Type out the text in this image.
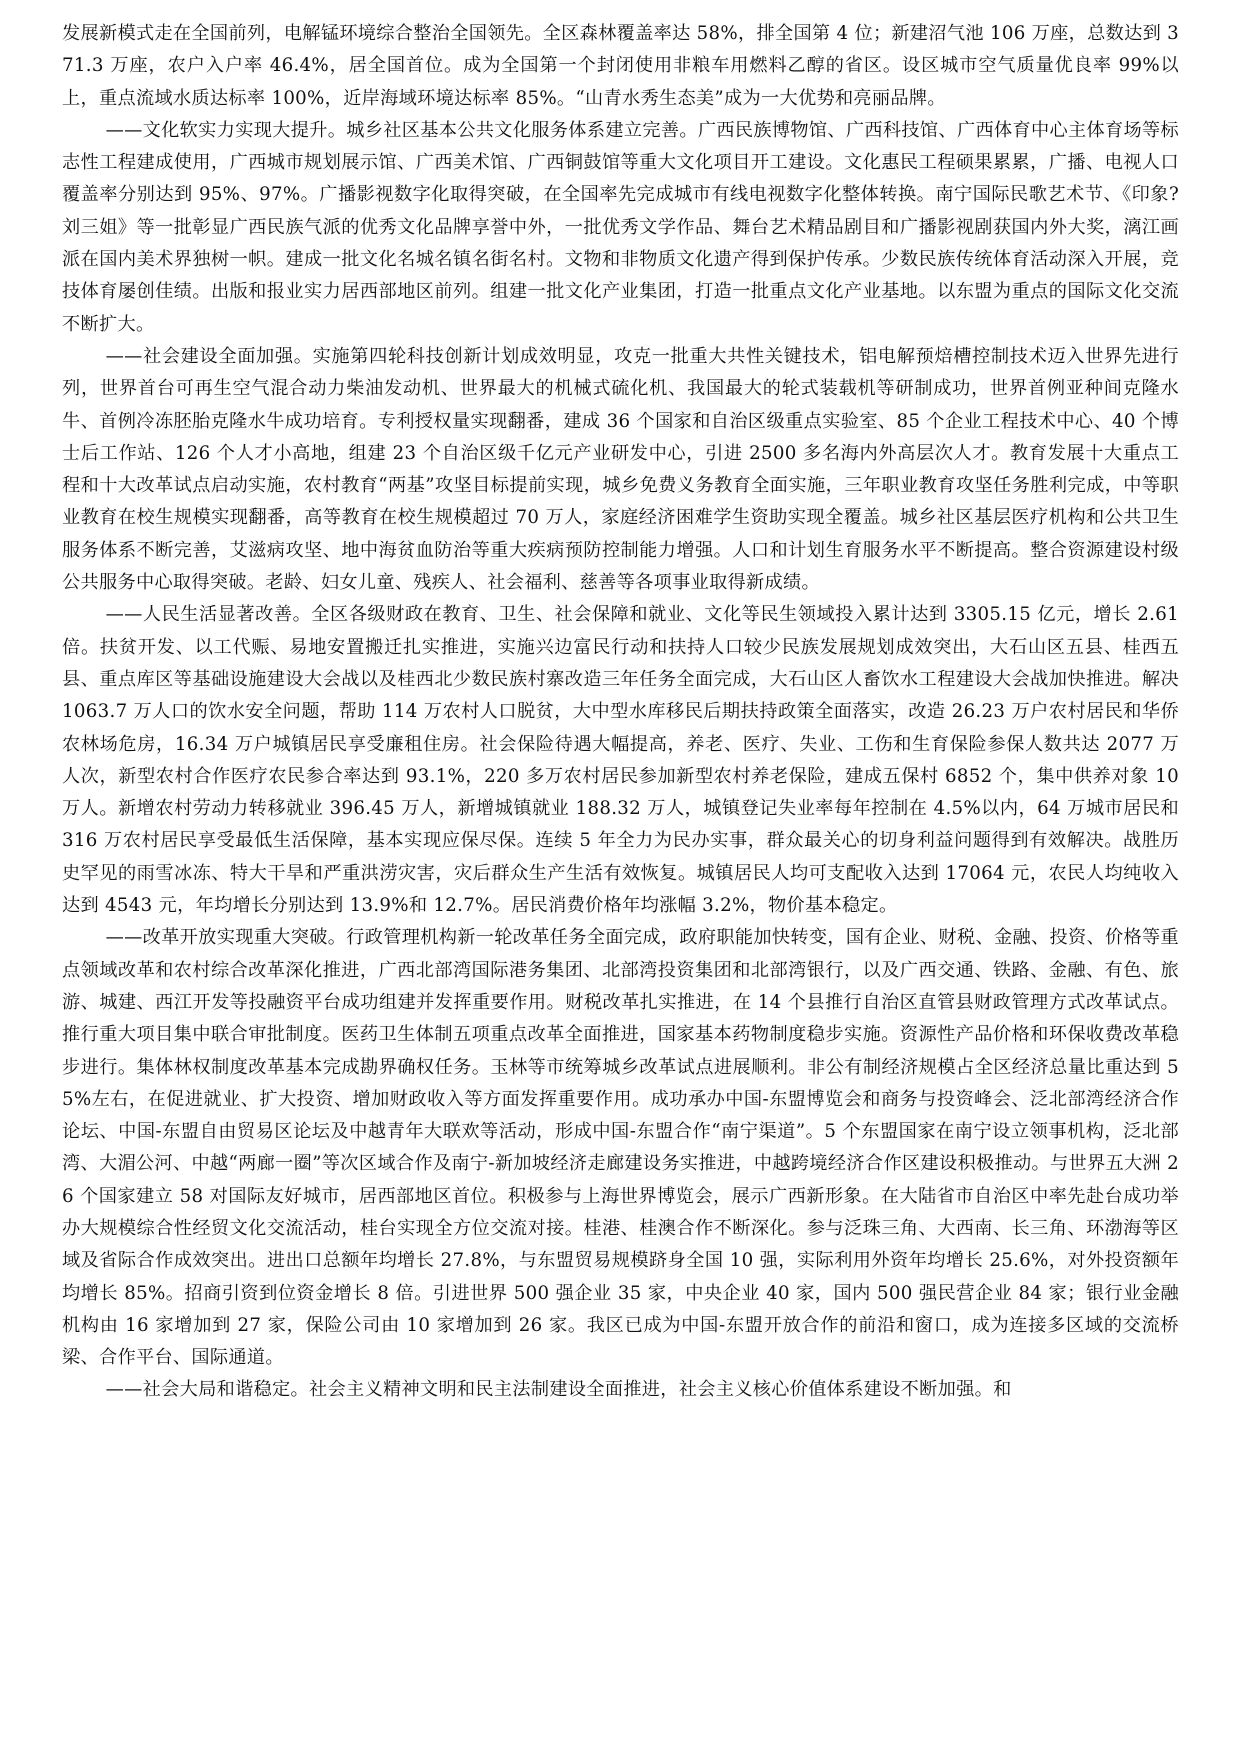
发展新模式走在全国前列，电解锰环境综合整治全国领先。全区森林覆盖率达 58%，排全国第 4 位；新建沼气池 106 万座，总数达到 371.3 万座，农户入户率 46.4%，居全国首位。成为全国第一个封闭使用非粮车用燃料乙醇的省区。设区城市空气质量优良率 99%以上，重点流域水质达标率 100%，近岸海域环境达标率 85%。“山青水秀生态美”成为一大优势和亮丽品牌。

——文化软实力实现大提升。城乡社区基本公共文化服务体系建立完善。广西民族博物馆、广西科技馆、广西体育中心主体育场等标志性工程建成使用，广西城市规划展示馆、广西美术馆、广西铜鼓馆等重大文化项目开工建设。文化惠民工程硕果累累，广播、电视人口覆盖率分别达到 95%、97%。广播影视数字化取得突破，在全国率先完成城市有线电视数字化整体转换。南宁国际民歌艺术节、《印象?刘三姐》等一批彰显广西民族气派的优秀文化品牌享誉中外，一批优秀文学作品、舞台艺术精品剧目和广播影视剧获国内外大奖，漓江画派在国内美术界独树一帜。建成一批文化名城名镇名街名村。文物和非物质文化遗产得到保护传承。少数民族传统体育活动深入开展，竞技体育屡创佳绩。出版和报业实力居西部地区前列。组建一批文化产业集团，打造一批重点文化产业基地。以东盟为重点的国际文化交流不断扩大。

——社会建设全面加强。实施第四轮科技创新计划成效明显，攻克一批重大共性关键技术，铝电解预焙槽控制技术迈入世界先进行列，世界首台可再生空气混合动力柴油发动机、世界最大的机械式硫化机、我国最大的轮式装载机等研制成功，世界首例亚种间克隆水牛、首例冷冻胚胎克隆水牛成功培育。专利授权量实现翻番，建成 36 个国家和自治区级重点实验室、85 个企业工程技术中心、40 个博士后工作站、126 个人才小高地，组建 23 个自治区级千亿元产业研发中心，引进 2500 多名海内外高层次人才。教育发展十大重点工程和十大改革试点启动实施，农村教育“两基”攻坚目标提前实现，城乡免费义务教育全面实施，三年职业教育攻坚任务胜利完成，中等职业教育在校生规模实现翻番，高等教育在校生规模超过 70 万人，家庭经济困难学生资助实现全覆盖。城乡社区基层医疗机构和公共卫生服务体系不断完善，艾滋病攻坚、地中海贫血防治等重大疾病预防控制能力增强。人口和计划生育服务水平不断提高。整合资源建设村级公共服务中心取得突破。老龄、妇女儿童、残疾人、社会福利、慈善等各项事业取得新成绩。

——人民生活显著改善。全区各级财政在教育、卫生、社会保障和就业、文化等民生领域投入累计达到 3305.15 亿元，增长 2.61 倍。扶贫开发、以工代赈、易地安置搬迁扎实推进，实施兴边富民行动和扶持人口较少民族发展规划成效突出，大石山区五县、桂西五县、重点库区等基础设施建设大会战以及桂西北少数民族村寨改造三年任务全面完成，大石山区人畜饮水工程建设大会战加快推进。解决 1063.7 万人口的饮水安全问题，帮助 114 万农村人口脱贫，大中型水库移民后期扶持政策全面落实，改造 26.23 万户农村居民和华侨农林场危房，16.34 万户城镇居民享受廉租住房。社会保险待遇大幅提高，养老、医疗、失业、工伤和生育保险参保人数共达 2077 万人次，新型农村合作医疗农民参合率达到 93.1%，220 多万农村居民参加新型农村养老保险，建成五保村 6852 个，集中供养对象 10 万人。新增农村劳动力转移就业 396.45 万人，新增城镇就业 188.32 万人，城镇登记失业率每年控制在 4.5%以内，64 万城市居民和 316 万农村居民享受最低生活保障，基本实现应保尽保。连续 5 年全力为民办实事，群众最关心的切身利益问题得到有效解决。战胜历史罕见的雨雪冰冻、特大干旱和严重洪涝灾害，灾后群众生产生活有效恢复。城镇居民人均可支配收入达到 17064 元，农民人均纯收入达到 4543 元，年均增长分别达到 13.9%和 12.7%。居民消费价格年均涨幅 3.2%，物价基本稳定。

——改革开放实现重大突破。行政管理机构新一轮改革任务全面完成，政府职能加快转变，国有企业、财税、金融、投资、价格等重点领域改革和农村综合改革深化推进，广西北部湾国际港务集团、北部湾投资集团和北部湾银行，以及广西交通、铁路、金融、有色、旅游、城建、西江开发等投融资平台成功组建并发挥重要作用。财税改革扎实推进，在 14 个县推行自治区直管县财政管理方式改革试点。推行重大项目集中联合审批制度。医药卫生体制五项重点改革全面推进，国家基本药物制度稳步实施。资源性产品价格和环保收费改革稳步进行。集体林权制度改革基本完成勘界确权任务。玉林等市统筹城乡改革试点进展顺利。非公有制经济规模占全区经济总量比重达到 55%左右，在促进就业、扩大投资、增加财政收入等方面发挥重要作用。成功承办中国-东盟博览会和商务与投资峰会、泛北部湾经济合作论坛、中国-东盟自由贸易区论坛及中越青年大联欢等活动，形成中国-东盟合作“南宁渠道”。5 个东盟国家在南宁设立领事机构，泛北部湾、大湄公河、中越“两廊一圈”等次区域合作及南宁-新加坡经济走廊建设务实推进，中越跨境经济合作区建设积极推动。与世界五大洲 26 个国家建立 58 对国际友好城市，居西部地区首位。积极参与上海世界博览会，展示广西新形象。在大陆省市自治区中率先赴台成功举办大规模综合性经贸文化交流活动，桂台实现全方位交流对接。桂港、桂澳合作不断深化。参与泛珠三角、大西南、长三角、环渤海等区域及省际合作成效突出。进出口总额年均增长 27.8%，与东盟贸易规模跻身全国 10 强，实际利用外资年均增长 25.6%，对外投资额年均增长 85%。招商引资到位资金增长 8 倍。引进世界 500 强企业 35 家，中央企业 40 家，国内 500 强民营企业 84 家；银行业金融机构由 16 家增加到 27 家，保险公司由 10 家增加到 26 家。我区已成为中国-东盟开放合作的前沿和窗口，成为连接多区域的交流桥梁、合作平台、国际通道。

——社会大局和谐稳定。社会主义精神文明和民主法制建设全面推进，社会主义核心价值体系建设不断加强。和
